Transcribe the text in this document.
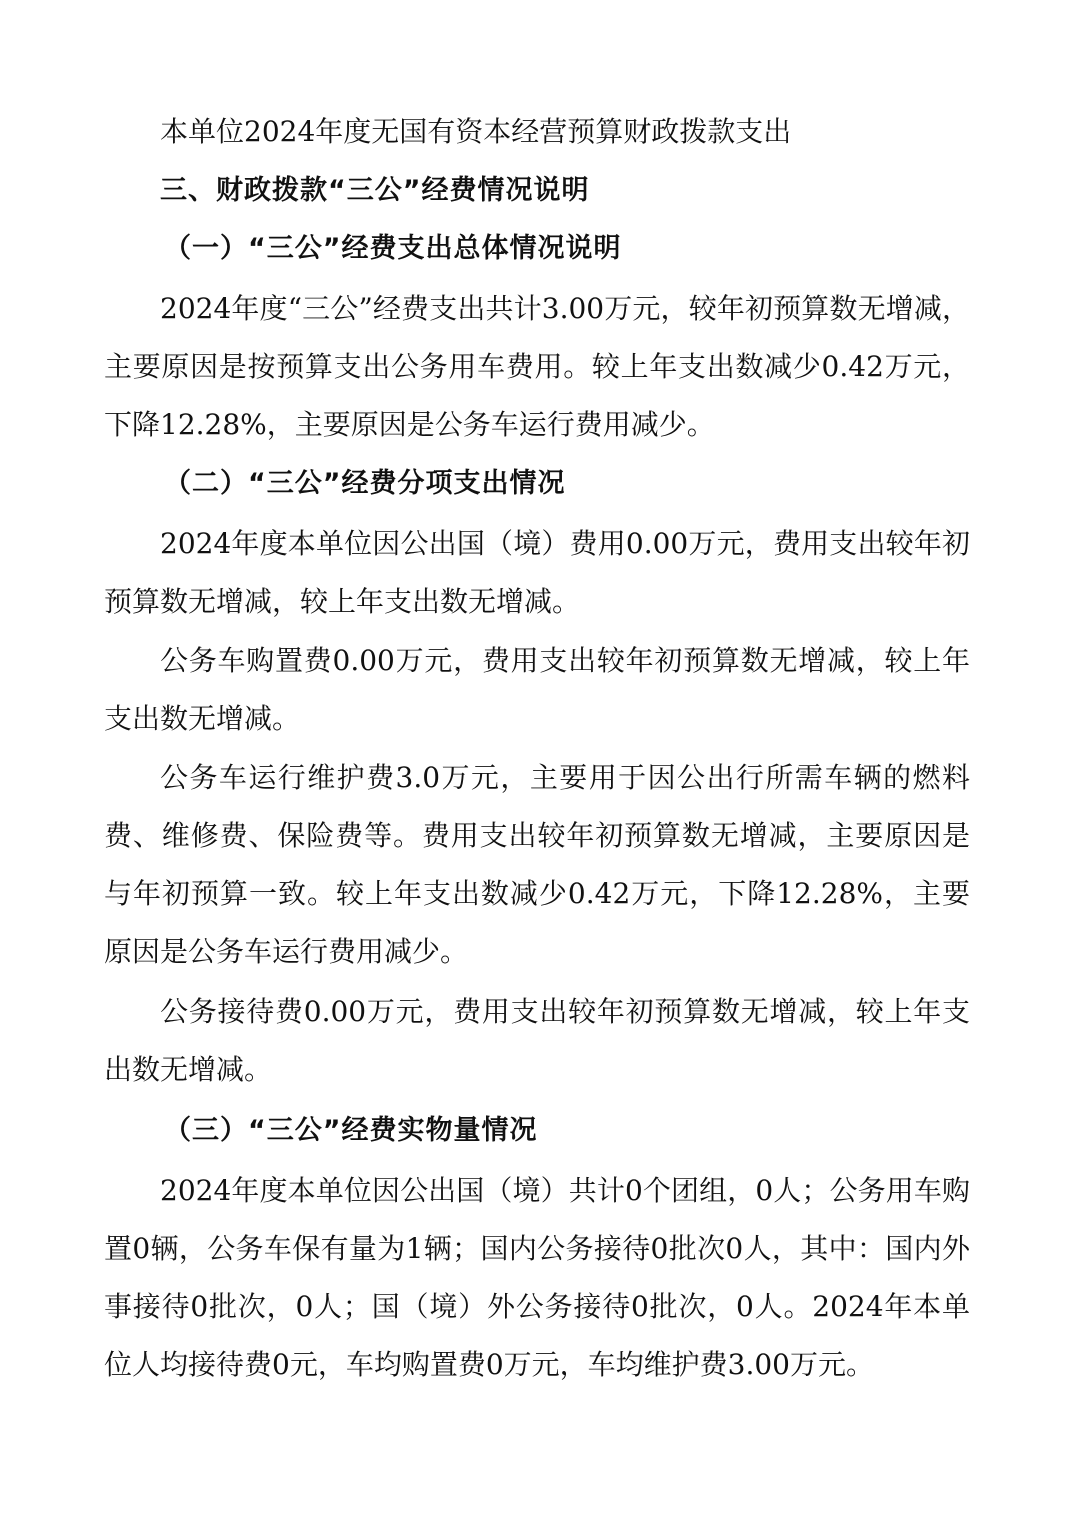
本单位2024年度无国有资本经营预算财政拨款支出

三、财政拨款“三公”经费情况说明

（一）“三公”经费支出总体情况说明

2024年度“三公”经费支出共计3.00万元，较年初预算数无增减，主要原因是按预算支出公务用车费用。较上年支出数减少0.42万元，下降12.28%，主要原因是公务车运行费用减少。

（二）“三公”经费分项支出情况

2024年度本单位因公出国（境）费用0.00万元，费用支出较年初预算数无增减，较上年支出数无增减。

公务车购置费0.00万元，费用支出较年初预算数无增减，较上年支出数无增减。

公务车运行维护费3.0万元，主要用于因公出行所需车辆的燃料费、维修费、保险费等。费用支出较年初预算数无增减，主要原因是与年初预算一致。较上年支出数减少0.42万元，下降12.28%，主要原因是公务车运行费用减少。

公务接待费0.00万元，费用支出较年初预算数无增减，较上年支出数无增减。

（三）“三公”经费实物量情况

2024年度本单位因公出国（境）共计0个团组，0人；公务用车购置0辆，公务车保有量为1辆；国内公务接待0批次0人，其中：国内外事接待0批次，0人；国（境）外公务接待0批次，0人。2024年本单位人均接待费0元，车均购置费0万元，车均维护费3.00万元。
